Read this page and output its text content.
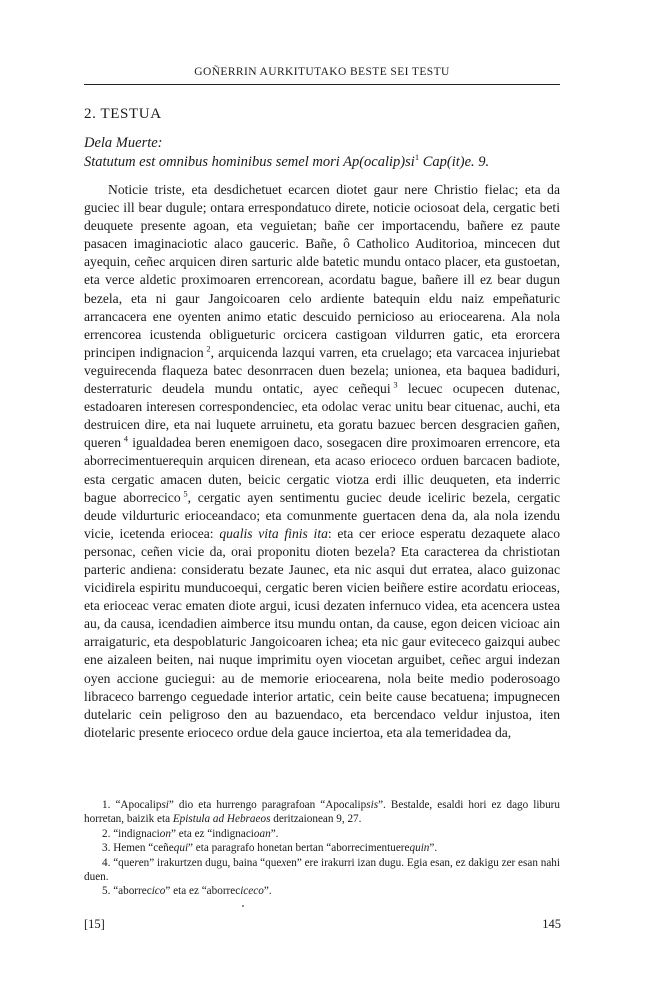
GOÑERRIN AURKITUTAKO BESTE SEI TESTU
2. TESTUA
Dela Muerte:
Statutum est omnibus hominibus semel mori $Ap(ocalip)si^1$ Cap(it)e. 9.

Noticie triste, eta desdichetuet ecarcen diotet gaur nere Christio fielac; eta da guciec ill bear dugule; ontara errespondatuco direte, noticie ociosoat dela, cergatic beti deuquete presente agoan, eta veguietan; bañe cer importacendu, bañere ez paute pasacen imaginaciotic alaco gauceric. Bañe, ô Catholico Auditorioa, mincecen dut ayequin, ceñec arquicen diren sarturic alde batetic mundu ontaco placer, eta gustoetan, eta verce aldetic proximoaren errencorean, acordatu bague, bañere ill ez bear dugun bezela, eta ni gaur Jangoicoaren celo ardiente batequin eldu naiz empeñaturic arrancacera ene oyenten animo etatic descuido pernicioso au eriocearena. Ala nola errencorea icustenda obligueturic orcicera castigoan vildurren gatic, eta erorcera principen indignacion  $^2$, arquicenda lazqui varren, eta cruelago; eta varcacea injuriebat veguirecenda flaqueza batec desonrracen duen bezela; unionea, eta baquea badiduri, desterraturic deudela mundu ontatic, ayec ceñequi  $^3$ lecuec ocupecen dutenac, estadoaren interesen correspondenciec, eta odolac verac unitu bear cituenac, auchi, eta destruicen dire, eta nai luquete arruinetu, eta goratu bazuec bercen desgracien gañen, queren  $^4$ igualdadea beren enemigoen daco, sosegacen dire proximoaren errencore, eta aborrecimentuerequin arquicen direnean, eta acaso erioceco orduen barcacen badiote, esta cergatic amacen duten, beicic cergatic viotza erdi illic deuqueten, eta inderric bague aborrecico  $^5$, cergatic ayen sentimentu guciec deude iceliric bezela, cergatic deude vildurturic erioceandaco; eta comunmente guertacen dena da, ala nola izendu vicie, icetenda eriocea: qualis vita finis ita: eta cer erioce esperatu dezaquete alaco personac, ceñen vicie da, orai proponitu dioten bezela? Eta caracterea da christiotan parteric andiena: consideratu bezate Jaunec, eta nic asqui dut erratea, alaco guizonac vicidirela espiritu munducoequi, cergatic beren vicien beiñere estire acordatu erioceas, eta erioceac verac ematen diote argui, icusi dezaten infernuco videa, eta acencera ustea au, da causa, icendadien aimberce itsu mundu ontan, da cause, egon deicen vicioac ain arraigaturic, eta despoblaturic Jangoicoaren ichea; eta nic gaur evitececo gaizqui aubec ene aizaleen beiten, nai nuque imprimitu oyen viocetan arguibet, ceñec argui indezan oyen accione guciegui: au de memorie eriocearena, nola beite medio poderosoago libraceco barrengo ceguedade interior artatic, cein beite cause becatuena; impugnecen dutelaric cein peligroso den au bazuendaco, eta bercendaco veldur injustoa, iten diotelaric presente erioceco ordue dela gauce inciertoa, eta ala temeridadea da,

1. “Apocalipsi” dio eta hurrengo paragrafoan “Apocalipsis”. Bestalde, esaldi hori ez dago liburu horretan, baizik eta Epistula ad Hebraeos deritzaionean 9, 27.
2. “indignacion” eta ez “indignacioan”.
3. Hemen “ceñequi” eta paragrafo honetan bertan “aborrecimentuerequin”.
4. “queren” irakurtzen dugu, baina “quexen” ere irakurri izan dugu. Egia esan, ez dakigu zer esan nahi duen.
5. “aborrecico” eta ez “aborreciceco”.
[15]	145
